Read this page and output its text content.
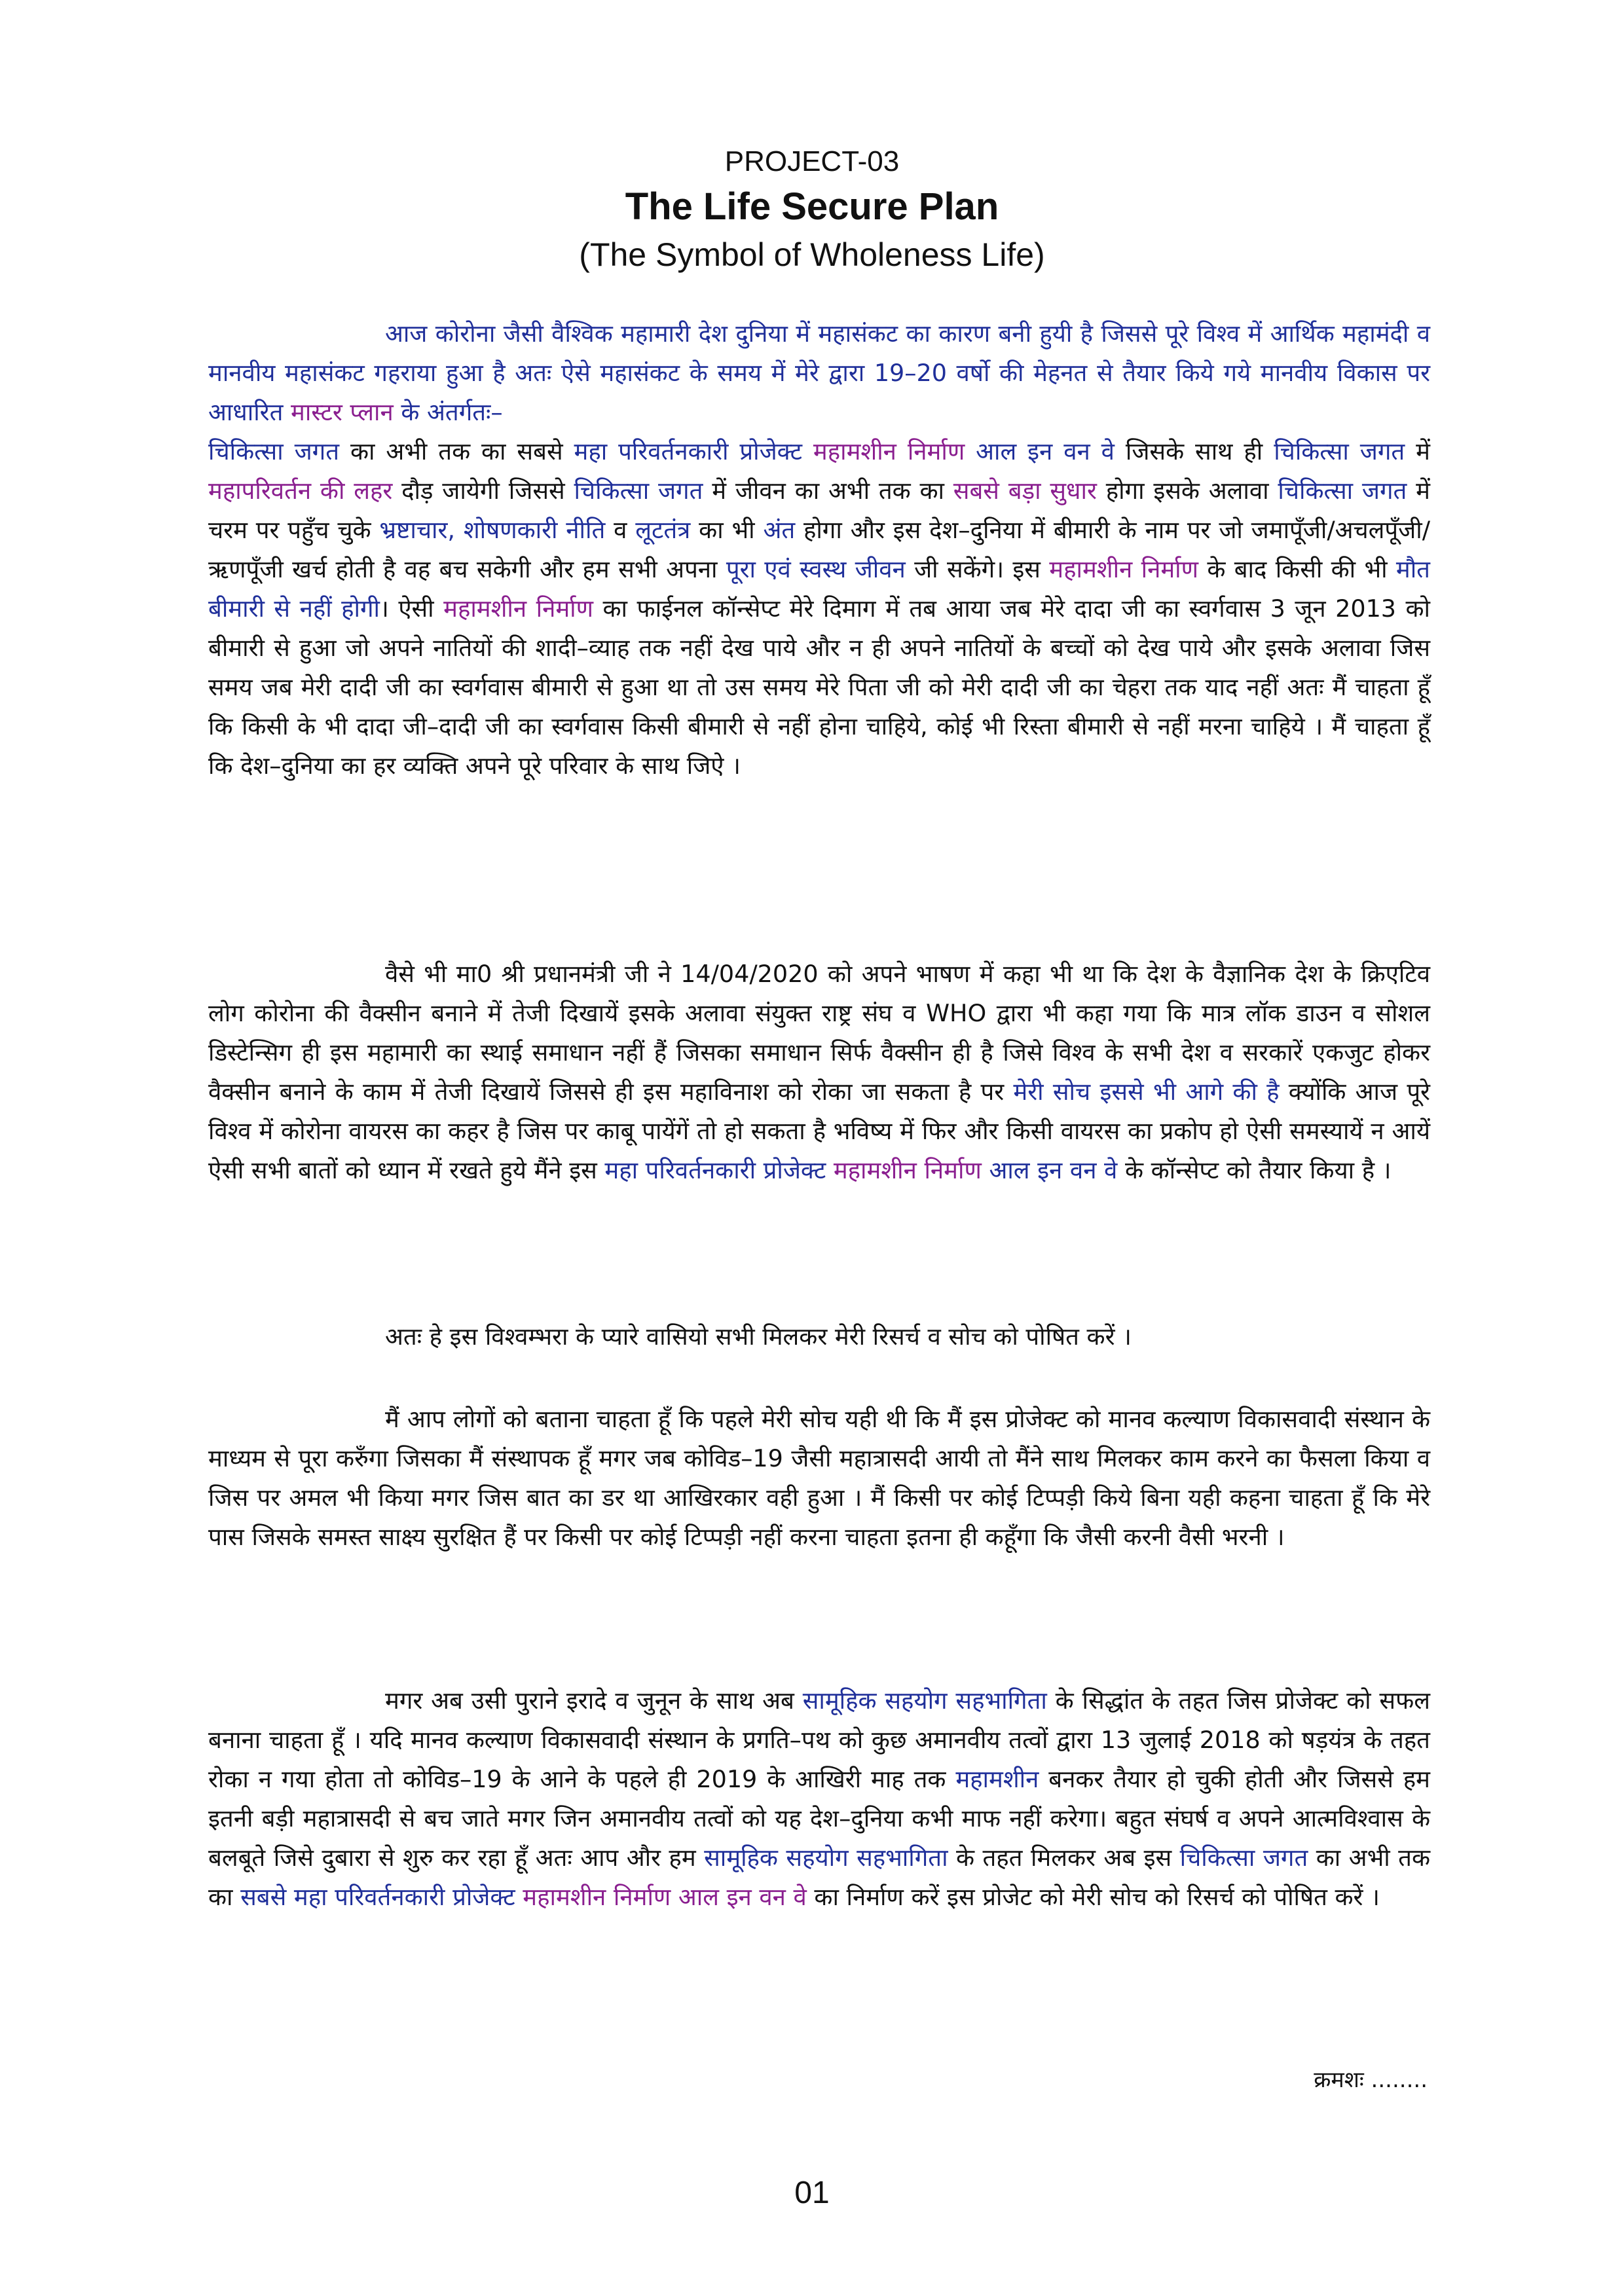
PROJECT-03
The Life Secure Plan
(The Symbol of Wholeness Life)

आज कोरोना जैसी वैश्विक महामारी देश दुनिया में महासंकट का कारण बनी हुयी है जिससे पूरे विश्व में आर्थिक महामंदी व मानवीय महासंकट गहराया हुआ है अतः ऐसे महासंकट के समय में मेरे द्वारा 19–20 वर्षो की मेहनत से तैयार किये गये मानवीय विकास पर आधारित मास्टर प्लान के अंतर्गतः–
चिकित्सा जगत का अभी तक का सबसे महा परिवर्तनकारी प्रोजेक्ट महामशीन निर्माण आल इन वन वे जिसके साथ ही चिकित्सा जगत में महापरिवर्तन की लहर दौड़ जायेगी जिससे चिकित्सा जगत में जीवन का अभी तक का सबसे बड़ा सुधार होगा इसके अलावा चिकित्सा जगत में चरम पर पहुँच चुके भ्रष्टाचार, शोषणकारी नीति व लूटतंत्र का भी अंत होगा और इस देश–दुनिया में बीमारी के नाम पर जो जमापूँजी/अचलपूँजी/ऋणपूँजी खर्च होती है वह बच सकेगी और हम सभी अपना पूरा एवं स्वस्थ जीवन जी सकेंगे। इस महामशीन निर्माण के बाद किसी की भी मौत बीमारी से नहीं होगी। ऐसी महामशीन निर्माण का फाईनल कॉन्सेप्ट मेरे दिमाग में तब आया जब मेरे दादा जी का स्वर्गवास 3 जून 2013 को बीमारी से हुआ जो अपने नातियों की शादी–व्याह तक नहीं देख पाये और न ही अपने नातियों के बच्चों को देख पाये और इसके अलावा जिस समय जब मेरी दादी जी का स्वर्गवास बीमारी से हुआ था तो उस समय मेरे पिता जी को मेरी दादी जी का चेहरा तक याद नहीं अतः मैं चाहता हूँ कि किसी के भी दादा जी–दादी जी का स्वर्गवास किसी बीमारी से नहीं होना चाहिये, कोई भी रिस्ता बीमारी से नहीं मरना चाहिये । मैं चाहता हूँ कि देश–दुनिया का हर व्यक्ति अपने पूरे परिवार के साथ जिऐ ।

वैसे भी मा0 श्री प्रधानमंत्री जी ने 14/04/2020 को अपने भाषण में कहा भी था कि देश के वैज्ञानिक देश के क्रिएटिव लोग कोरोना की वैक्सीन बनाने में तेजी दिखायें इसके अलावा संयुक्त राष्ट्र संघ व WHO द्वारा भी कहा गया कि मात्र लॉक डाउन व सोशल डिस्टेन्सिग ही इस महामारी का स्थाई समाधान नहीं हैं जिसका समाधान सिर्फ वैक्सीन ही है जिसे विश्व के सभी देश व सरकारें एकजुट होकर वैक्सीन बनाने के काम में तेजी दिखायें जिससे ही इस महाविनाश को रोका जा सकता है पर मेरी सोच इससे भी आगे की है क्योंकि आज पूरे विश्व में कोरोना वायरस का कहर है जिस पर काबू पायेंगें तो हो सकता है भविष्य में फिर और किसी वायरस का प्रकोप हो ऐसी समस्यायें न आयें ऐसी सभी बातों को ध्यान में रखते हुये मैंने इस महा परिवर्तनकारी प्रोजेक्ट महामशीन निर्माण आल इन वन वे के कॉन्सेप्ट को तैयार किया है ।

अतः हे इस विश्वम्भरा के प्यारे वासियो सभी मिलकर मेरी रिसर्च व सोच को पोषित करें ।

मैं आप लोगों को बताना चाहता हूँ कि पहले मेरी सोच यही थी कि मैं इस प्रोजेक्ट को मानव कल्याण विकासवादी संस्थान के माध्यम से पूरा करुँगा जिसका मैं संस्थापक हूँ मगर जब कोविड–19 जैसी महात्रासदी आयी तो मैंने साथ मिलकर काम करने का फैसला किया व जिस पर अमल भी किया मगर जिस बात का डर था आखिरकार वही हुआ । मैं किसी पर कोई टिप्पड़ी किये बिना यही कहना चाहता हूँ कि मेरे पास जिसके समस्त साक्ष्य सुरक्षित हैं पर किसी पर कोई टिप्पड़ी नहीं करना चाहता इतना ही कहूँगा कि जैसी करनी वैसी भरनी ।

मगर अब उसी पुराने इरादे व जुनून के साथ अब सामूहिक सहयोग सहभागिता के सिद्धांत के तहत जिस प्रोजेक्ट को सफल बनाना चाहता हूँ । यदि मानव कल्याण विकासवादी संस्थान के प्रगति–पथ को कुछ अमानवीय तत्वों द्वारा 13 जुलाई 2018 को षड़यंत्र के तहत रोका न गया होता तो कोविड–19 के आने के पहले ही 2019 के आखिरी माह तक महामशीन बनकर तैयार हो चुकी होती और जिससे हम इतनी बड़ी महात्रासदी से बच जाते मगर जिन अमानवीय तत्वों को यह देश–दुनिया कभी माफ नहीं करेगा। बहुत संघर्ष व अपने आत्मविश्वास के बलबूते जिसे दुबारा से शुरु कर रहा हूँ अतः आप और हम सामूहिक सहयोग सहभागिता के तहत मिलकर अब इस चिकित्सा जगत का अभी तक का सबसे महा परिवर्तनकारी प्रोजेक्ट महामशीन निर्माण आल इन वन वे का निर्माण करें इस प्रोजेट को मेरी सोच को रिसर्च को पोषित करें ।

क्रमशः ........
01
